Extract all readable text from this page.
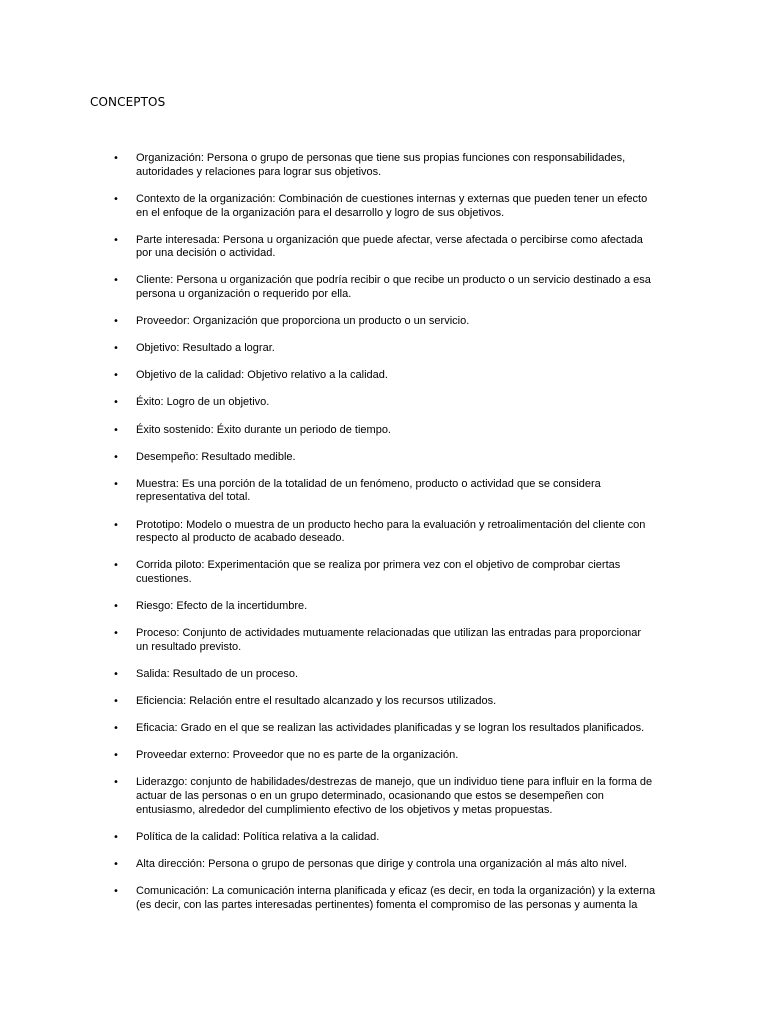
CONCEPTOS
• Organización: Persona o grupo de personas que tiene sus propias funciones con responsabilidades, autoridades y relaciones para lograr sus objetivos.
• Contexto de la organización: Combinación de cuestiones internas y externas que pueden tener un efecto en el enfoque de la organización para el desarrollo y logro de sus objetivos.
• Parte interesada: Persona u organización que puede afectar, verse afectada o percibirse como afectada por una decisión o actividad.
• Cliente: Persona u organización que podría recibir o que recibe un producto o un servicio destinado a esa persona u organización o requerido por ella.
• Proveedor: Organización que proporciona un producto o un servicio.
• Objetivo: Resultado a lograr.
• Objetivo de la calidad: Objetivo relativo a la calidad.
• Éxito: Logro de un objetivo.
• Éxito sostenido: Éxito durante un periodo de tiempo.
• Desempeño: Resultado medible.
• Muestra: Es una porción de la totalidad de un fenómeno, producto o actividad que se considera representativa del total.
• Prototipo: Modelo o muestra de un producto hecho para la evaluación y retroalimentación del cliente con respecto al producto de acabado deseado.
• Corrida piloto: Experimentación que se realiza por primera vez con el objetivo de comprobar ciertas cuestiones.
• Riesgo: Efecto de la incertidumbre.
• Proceso: Conjunto de actividades mutuamente relacionadas que utilizan las entradas para proporcionar un resultado previsto.
• Salida: Resultado de un proceso.
• Eficiencia: Relación entre el resultado alcanzado y los recursos utilizados.
• Eficacia: Grado en el que se realizan las actividades planificadas y se logran los resultados planificados.
• Proveedar externo: Proveedor que no es parte de la organización.
• Liderazgo: conjunto de habilidades/destrezas de manejo, que un individuo tiene para influir en la forma de actuar de las personas o en un grupo determinado, ocasionando que estos se desempeñen con entusiasmo, alrededor del cumplimiento efectivo de los objetivos y metas propuestas.
• Política de la calidad: Política relativa a la calidad.
• Alta dirección: Persona o grupo de personas que dirige y controla una organización al más alto nivel.
• Comunicación: La comunicación interna planificada y eficaz (es decir, en toda la organización) y la externa (es decir, con las partes interesadas pertinentes) fomenta el compromiso de las personas y aumenta la
